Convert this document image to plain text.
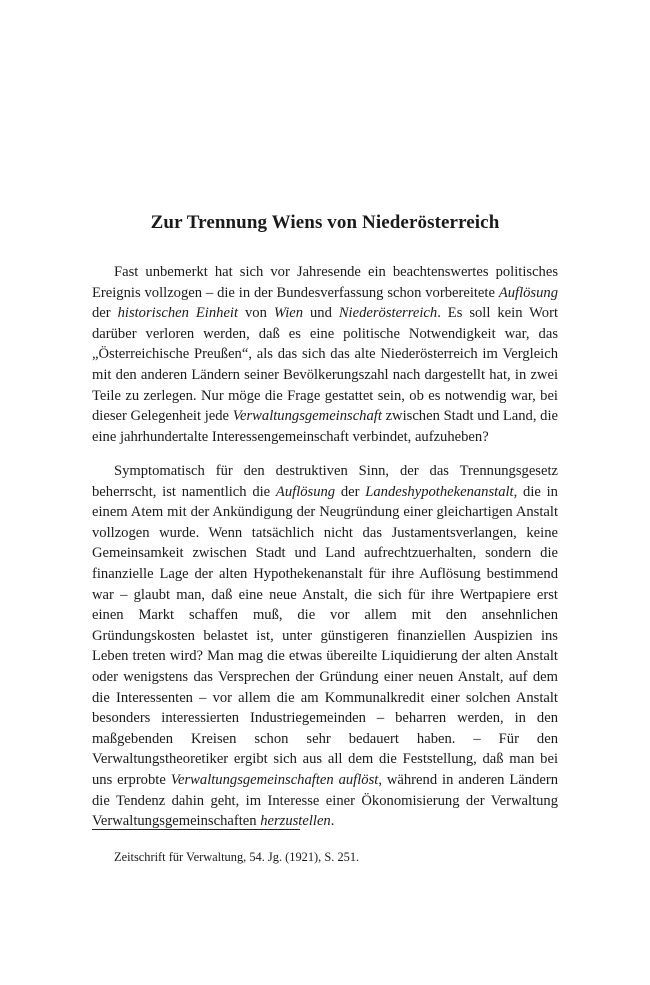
Zur Trennung Wiens von Niederösterreich

Fast unbemerkt hat sich vor Jahresende ein beachtenswertes politisches Ereignis vollzogen – die in der Bundesverfassung schon vorbereitete Auflösung der historischen Einheit von Wien und Niederösterreich. Es soll kein Wort darüber verloren werden, daß es eine politische Notwendigkeit war, das „Österreichische Preußen“, als das sich das alte Niederösterreich im Vergleich mit den anderen Ländern seiner Bevölkerungszahl nach dargestellt hat, in zwei Teile zu zerlegen. Nur möge die Frage gestattet sein, ob es notwendig war, bei dieser Gelegenheit jede Verwaltungsgemeinschaft zwischen Stadt und Land, die eine jahrhundertalte Interessengemeinschaft verbindet, aufzuheben?

Symptomatisch für den destruktiven Sinn, der das Trennungsgesetz beherrscht, ist namentlich die Auflösung der Landeshypothekenanstalt, die in einem Atem mit der Ankündigung der Neugründung einer gleichartigen Anstalt vollzogen wurde. Wenn tatsächlich nicht das Justamentsverlangen, keine Gemeinsamkeit zwischen Stadt und Land aufrechtzuerhalten, sondern die finanzielle Lage der alten Hypothekenanstalt für ihre Auflösung bestimmend war – glaubt man, daß eine neue Anstalt, die sich für ihre Wertpapiere erst einen Markt schaffen muß, die vor allem mit den ansehnlichen Gründungskosten belastet ist, unter günstigeren finanziellen Auspizien ins Leben treten wird? Man mag die etwas übereilte Liquidierung der alten Anstalt oder wenigstens das Versprechen der Gründung einer neuen Anstalt, auf dem die Interessenten – vor allem die am Kommunalkredit einer solchen Anstalt besonders interessierten Industriegemeinden – beharren werden, in den maßgebenden Kreisen schon sehr bedauert haben. – Für den Verwaltungstheoretiker ergibt sich aus all dem die Feststellung, daß man bei uns erprobte Verwaltungsgemeinschaften auflöst, während in anderen Ländern die Tendenz dahin geht, im Interesse einer Ökonomisierung der Verwaltung Verwaltungsgemeinschaften herzustellen.

Zeitschrift für Verwaltung, 54. Jg. (1921), S. 251.
